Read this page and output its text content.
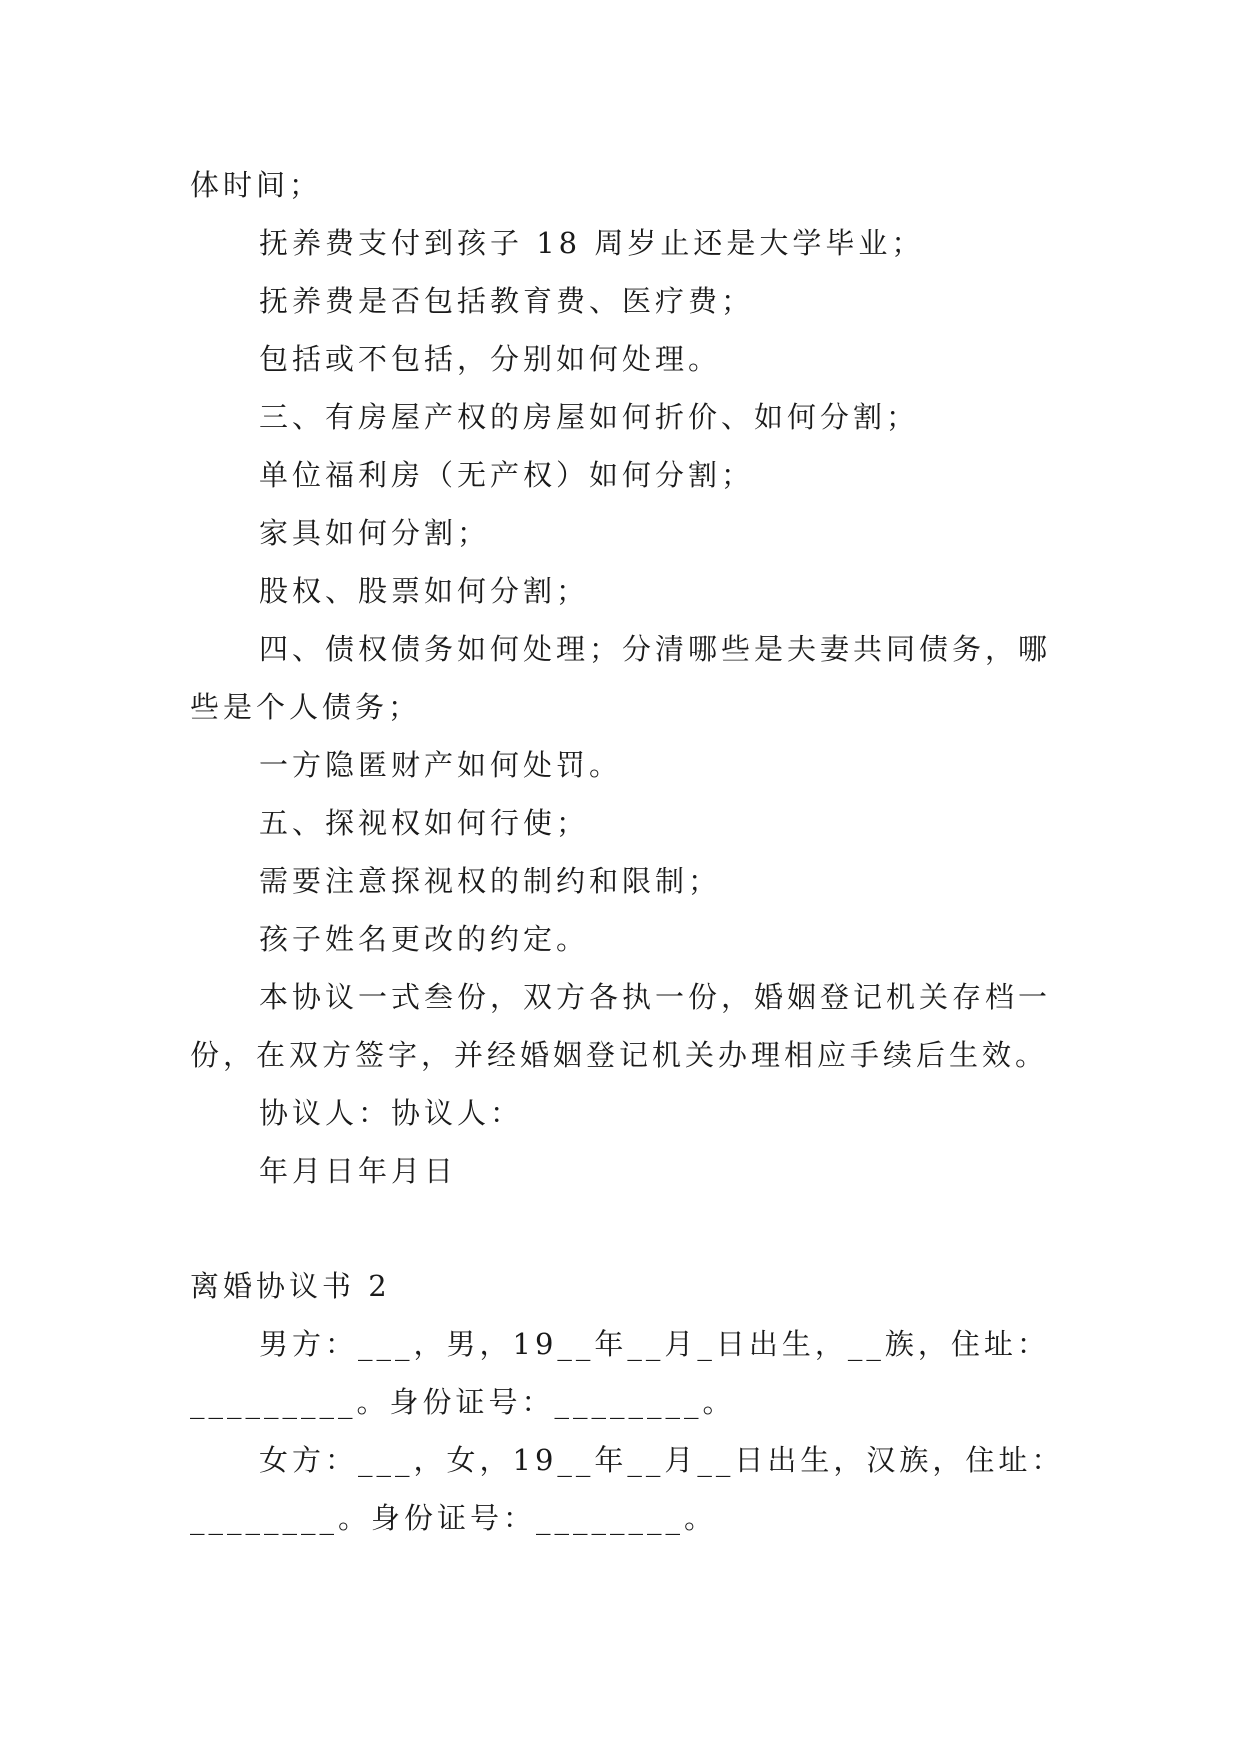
体时间；
抚养费支付到孩子 18 周岁止还是大学毕业；
抚养费是否包括教育费、医疗费；
包括或不包括，分别如何处理。
三、有房屋产权的房屋如何折价、如何分割；
单位福利房（无产权）如何分割；
家具如何分割；
股权、股票如何分割；
四、债权债务如何处理；分清哪些是夫妻共同债务，哪
些是个人债务；
一方隐匿财产如何处罚。
五、探视权如何行使；
需要注意探视权的制约和限制；
孩子姓名更改的约定。
本协议一式叁份，双方各执一份，婚姻登记机关存档一
份，在双方签字，并经婚姻登记机关办理相应手续后生效。
协议人：协议人：
年月日年月日
离婚协议书 2
男方：___，男，19__年__月_日出生，__族，住址：
_________。身份证号：________。
女方：___，女，19__年__月__日出生，汉族，住址：
________。身份证号：________。
